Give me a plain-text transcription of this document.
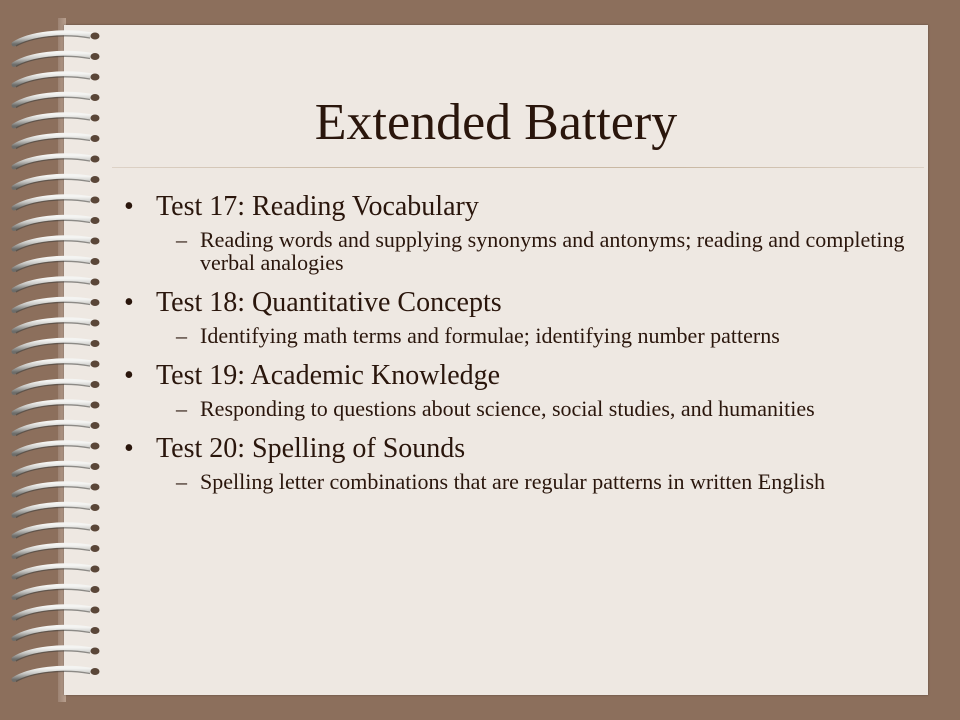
Extended Battery
• Test 17: Reading Vocabulary
– Reading words and supplying synonyms and antonyms; reading and completing verbal analogies
• Test 18: Quantitative Concepts
– Identifying math terms and formulae; identifying number patterns
• Test 19: Academic Knowledge
– Responding to questions about science, social studies, and humanities
• Test 20: Spelling of Sounds
– Spelling letter combinations that are regular patterns in written English
